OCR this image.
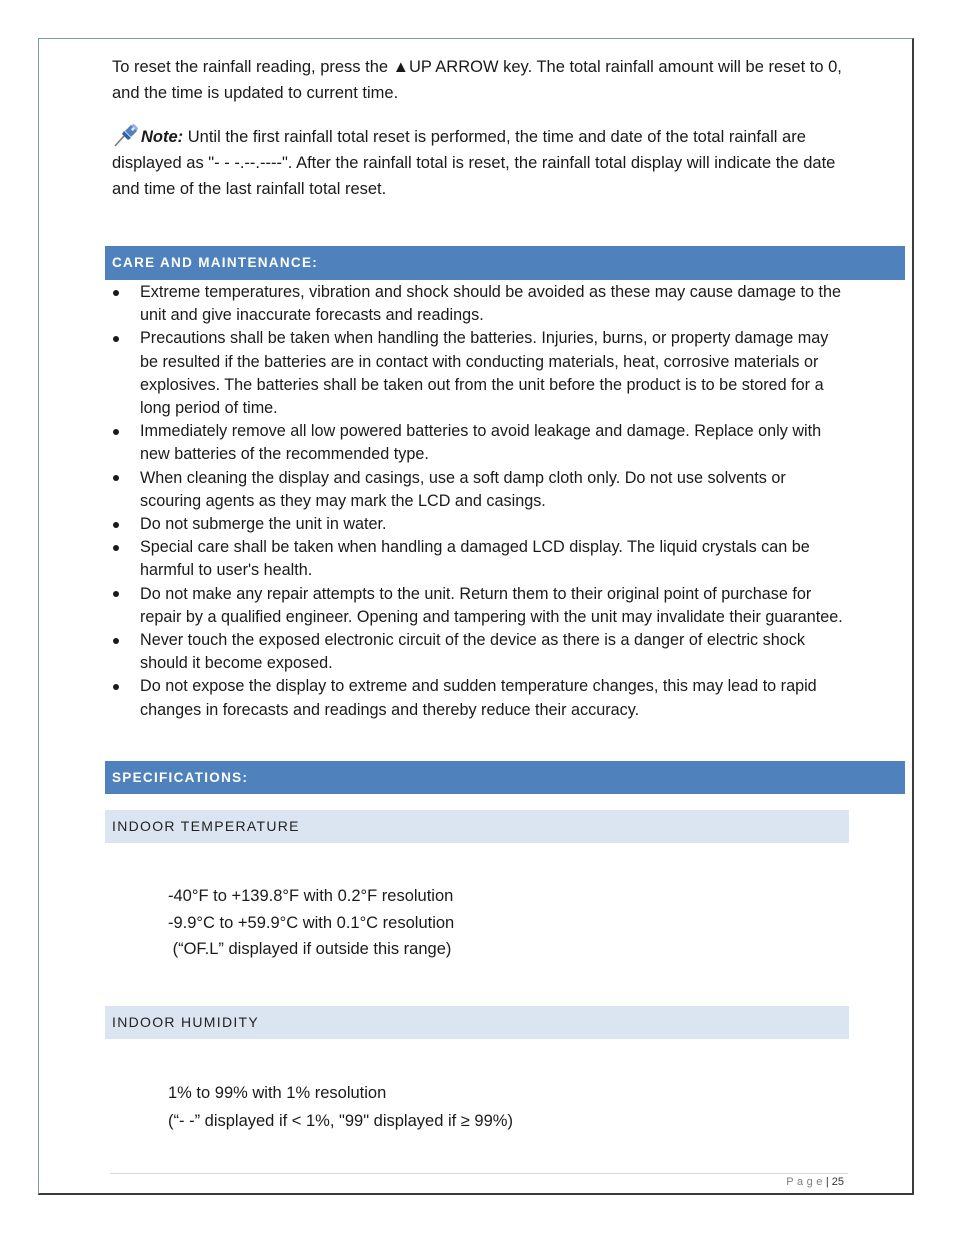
To reset the rainfall reading, press the ▲UP ARROW key. The total rainfall amount will be reset to 0, and the time is updated to current time.

Note: Until the first rainfall total reset is performed, the time and date of the total rainfall are displayed as "- - -.--.----". After the rainfall total is reset, the rainfall total display will indicate the date and time of the last rainfall total reset.

CARE AND MAINTENANCE:
Extreme temperatures, vibration and shock should be avoided as these may cause damage to the unit and give inaccurate forecasts and readings.
Precautions shall be taken when handling the batteries. Injuries, burns, or property damage may be resulted if the batteries are in contact with conducting materials, heat, corrosive materials or explosives. The batteries shall be taken out from the unit before the product is to be stored for a long period of time.
Immediately remove all low powered batteries to avoid leakage and damage. Replace only with new batteries of the recommended type.
When cleaning the display and casings, use a soft damp cloth only. Do not use solvents or scouring agents as they may mark the LCD and casings.
Do not submerge the unit in water.
Special care shall be taken when handling a damaged LCD display. The liquid crystals can be harmful to user's health.
Do not make any repair attempts to the unit. Return them to their original point of purchase for repair by a qualified engineer. Opening and tampering with the unit may invalidate their guarantee.
Never touch the exposed electronic circuit of the device as there is a danger of electric shock should it become exposed.
Do not expose the display to extreme and sudden temperature changes, this may lead to rapid changes in forecasts and readings and thereby reduce their accuracy.
SPECIFICATIONS:
INDOOR TEMPERATURE
-40°F to +139.8°F with 0.2°F resolution
-9.9°C to +59.9°C with 0.1°C resolution
(“OF.L” displayed if outside this range)
INDOOR HUMIDITY
1% to 99% with 1% resolution
(“- -” displayed if < 1%, "99" displayed if ≥ 99%)
Page| 25
